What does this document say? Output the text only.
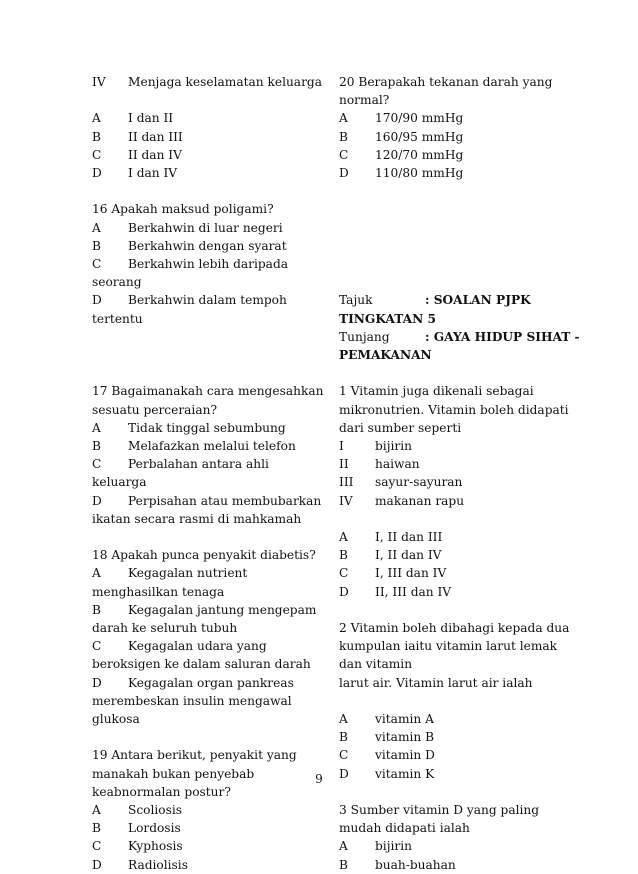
IV	Menjaga keselamatan keluarga
A	I dan II
B	II dan III
C	II dan IV
D	I dan IV
16 Apakah maksud poligami?
A	Berkahwin di luar negeri
B	Berkahwin dengan syarat
C	Berkahwin lebih daripada
seorang
D	Berkahwin dalam tempoh
tertentu
17 Bagaimanakah cara mengesahkan
sesuatu perceraian?
A	Tidak tinggal sebumbung
B	Melafazkan melalui telefon
C	Perbalahan antara ahli
keluarga
D	Perpisahan atau membubarkan
ikatan secara rasmi di mahkamah
18 Apakah punca penyakit diabetis?
A	Kegagalan nutrient
menghasilkan tenaga
B	Kegagalan jantung mengepam
darah ke seluruh tubuh
C	Kegagalan udara yang
beroksigen ke dalam saluran darah
D	Kegagalan organ pankreas
merembeskan insulin mengawal
glukosa
19 Antara berikut, penyakit yang
manakah bukan penyebab
keabnormalan postur?
A	Scoliosis
B	Lordosis
C	Kyphosis
D	Radiolisis
20 Berapakah tekanan darah yang
normal?
A	170/90 mmHg
B	160/95 mmHg
C	120/70 mmHg
D	110/80 mmHg
Tajuk	: SOALAN PJPK
TINGKATAN 5
Tunjang	: GAYA HIDUP SIHAT -
PEMAKANAN
1 Vitamin juga dikenali sebagai
mikronutrien. Vitamin boleh didapati
dari sumber seperti
I	bijirin
II	haiwan
III	sayur-sayuran
IV	makanan rapu
A	I, II dan III
B	I, II dan IV
C	I, III dan IV
D	II, III dan IV
2 Vitamin boleh dibahagi kepada dua
kumpulan iaitu vitamin larut lemak
dan vitamin
larut air. Vitamin larut air ialah
A	vitamin A
B	vitamin B
C	vitamin D
D	vitamin K
3 Sumber vitamin D yang paling
mudah didapati ialah
A	bijirin
B	buah-buahan
9
